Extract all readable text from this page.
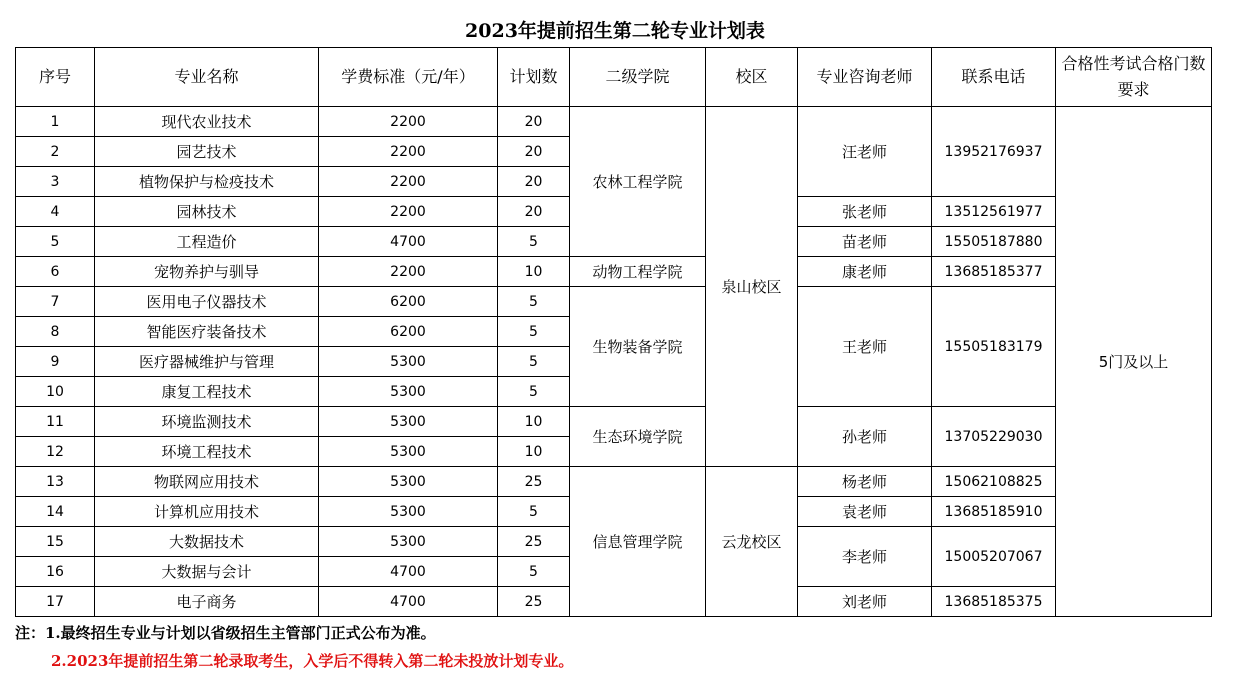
2023年提前招生第二轮专业计划表
序号	专业名称	学费标准（元/年）	计划数	二级学院	校区	专业咨询老师	联系电话	合格性考试合格门数要求
1	现代农业技术	2200	20	农林工程学院	泉山校区	汪老师	13952176937	5门及以上
2	园艺技术	2200	20					
3	植物保护与检疫技术	2200	20					
4	园林技术	2200	20			张老师	13512561977	
5	工程造价	4700	5			苗老师	15505187880	
6	宠物养护与驯导	2200	10	动物工程学院		康老师	13685185377	
7	医用电子仪器技术	6200	5	生物装备学院		王老师	15505183179	
8	智能医疗装备技术	6200	5					
9	医疗器械维护与管理	5300	5					
10	康复工程技术	5300	5					
11	环境监测技术	5300	10	生态环境学院		孙老师	13705229030	
12	环境工程技术	5300	10					
13	物联网应用技术	5300	25	信息管理学院	云龙校区	杨老师	15062108825	
14	计算机应用技术	5300	5			袁老师	13685185910	
15	大数据技术	5300	25			李老师	15005207067	
16	大数据与会计	4700	5					
17	电子商务	4700	25			刘老师	13685185375	
注：1.最终招生专业与计划以省级招生主管部门正式公布为准。
2.2023年提前招生第二轮录取考生，入学后不得转入第二轮未投放计划专业。
